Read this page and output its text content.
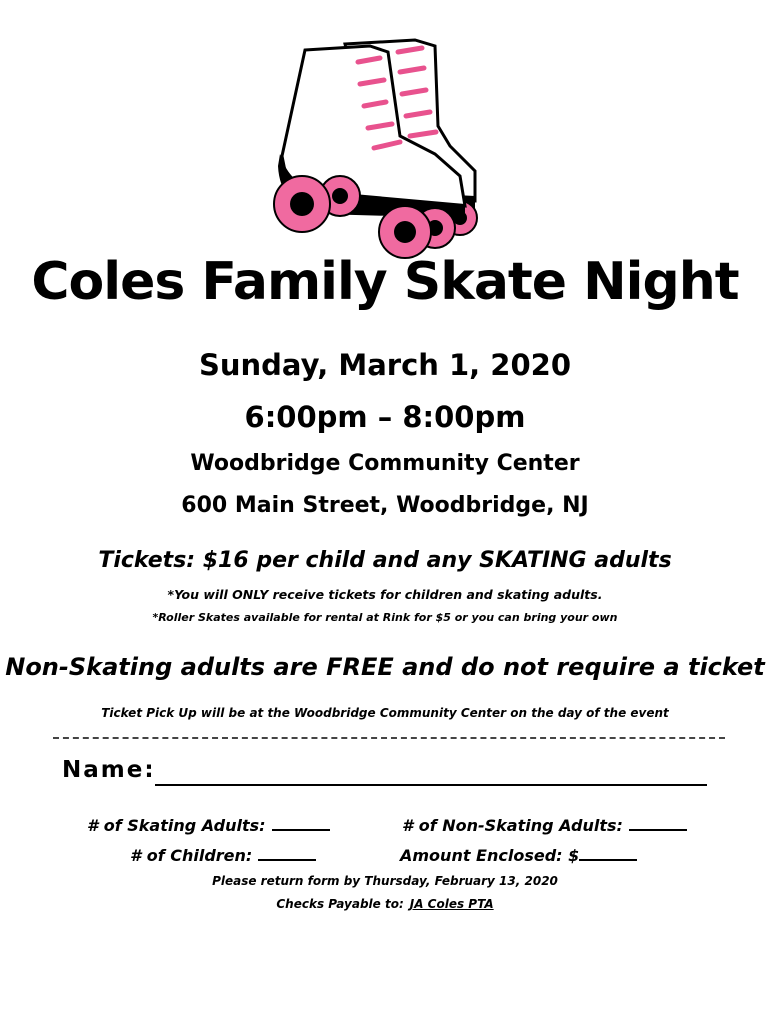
Coles Family Skate Night
Sunday, March 1, 2020
6:00pm – 8:00pm
Woodbridge Community Center
600 Main Street, Woodbridge, NJ
Tickets: $16 per child and any SKATING adults
*You will ONLY receive tickets for children and skating adults.
*Roller Skates available for rental at Rink for $5 or you can bring your own
Non-Skating adults are FREE and do not require a ticket
Ticket Pick Up will be at the Woodbridge Community Center on the day of the event
Name:
# of Skating Adults:	# of Non-Skating Adults:
# of Children:	Amount Enclosed: $
Please return form by Thursday, February 13, 2020
Checks Payable to: JA Coles PTA
